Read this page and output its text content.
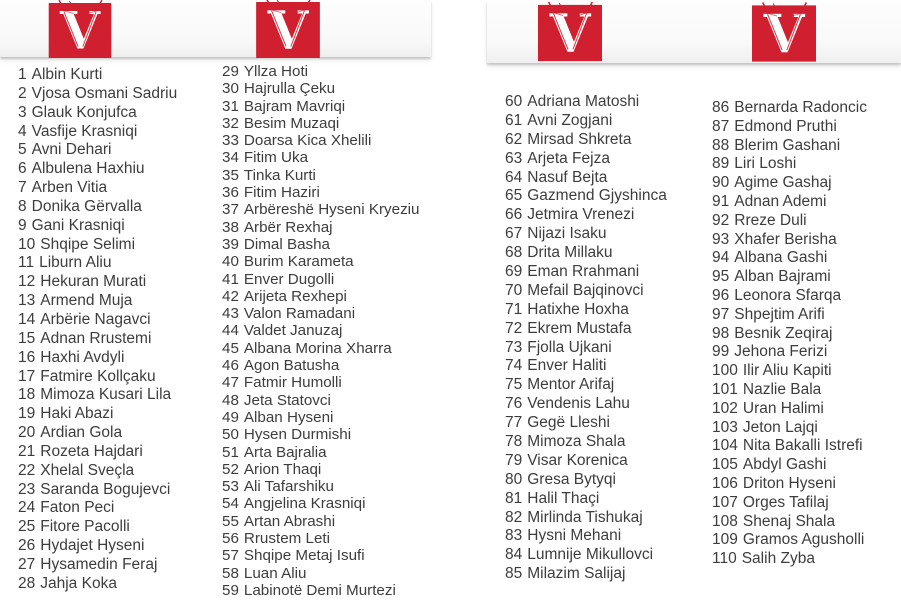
V	V	V	V
1 Albin Kurti
2 Vjosa Osmani Sadriu
3 Glauk Konjufca
4 Vasfije Krasniqi
5 Avni Dehari
6 Albulena Haxhiu
7 Arben Vitia
8 Donika Gërvalla
9 Gani Krasniqi
10 Shqipe Selimi
11 Liburn Aliu
12 Hekuran Murati
13 Armend Muja
14 Arbërie Nagavci
15 Adnan Rrustemi
16 Haxhi Avdyli
17 Fatmire Kollçaku
18 Mimoza Kusari Lila
19 Haki Abazi
20 Ardian Gola
21 Rozeta Hajdari
22 Xhelal Sveçla
23 Saranda Bogujevci
24 Faton Peci
25 Fitore Pacolli
26 Hydajet Hyseni
27 Hysamedin Feraj
28 Jahja Koka
29 Yllza Hoti
30 Hajrulla Çeku
31 Bajram Mavriqi
32 Besim Muzaqi
33 Doarsa Kica Xhelili
34 Fitim Uka
35 Tinka Kurti
36 Fitim Haziri
37 Arbëreshë Hyseni Kryeziu
38 Arbër Rexhaj
39 Dimal Basha
40 Burim Karameta
41 Enver Dugolli
42 Arijeta Rexhepi
43 Valon Ramadani
44 Valdet Januzaj
45 Albana Morina Xharra
46 Agon Batusha
47 Fatmir Humolli
48 Jeta Statovci
49 Alban Hyseni
50 Hysen Durmishi
51 Arta Bajralia
52 Arion Thaqi
53 Ali Tafarshiku
54 Angjelina Krasniqi
55 Artan Abrashi
56 Rrustem Leti
57 Shqipe Metaj Isufi
58 Luan Aliu
59 Labinotë Demi Murtezi
60 Adriana Matoshi
61 Avni Zogjani
62 Mirsad Shkreta
63 Arjeta Fejza
64 Nasuf Bejta
65 Gazmend Gjyshinca
66 Jetmira Vrenezi
67 Nijazi Isaku
68 Drita Millaku
69 Eman Rrahmani
70 Mefail Bajqinovci
71 Hatixhe Hoxha
72 Ekrem Mustafa
73 Fjolla Ujkani
74 Enver Haliti
75 Mentor Arifaj
76 Vendenis Lahu
77 Gegë Lleshi
78 Mimoza Shala
79 Visar Korenica
80 Gresa Bytyqi
81 Halil Thaçi
82 Mirlinda Tishukaj
83 Hysni Mehani
84 Lumnije Mikullovci
85 Milazim Salijaj
86 Bernarda Radoncic
87 Edmond Pruthi
88 Blerim Gashani
89 Liri Loshi
90 Agime Gashaj
91 Adnan Ademi
92 Rreze Duli
93 Xhafer Berisha
94 Albana Gashi
95 Alban Bajrami
96 Leonora Sfarqa
97 Shpejtim Arifi
98 Besnik Zeqiraj
99 Jehona Ferizi
100 Ilir Aliu Kapiti
101 Nazlie Bala
102 Uran Halimi
103 Jeton Lajqi
104 Nita Bakalli Istrefi
105 Abdyl Gashi
106 Driton Hyseni
107 Orges Tafilaj
108 Shenaj Shala
109 Gramos Agusholli
110 Salih Zyba
